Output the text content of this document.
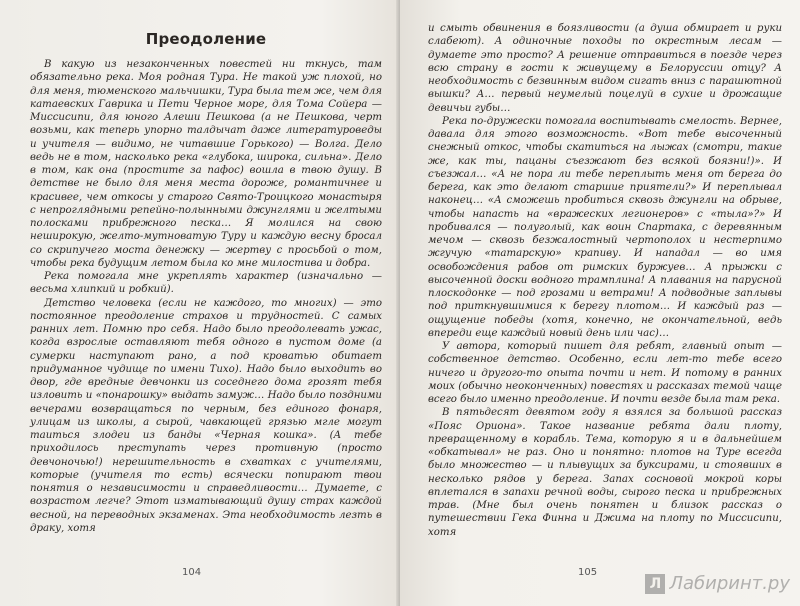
Преодоление

В какую из незаконченных повестей ни ткнусь, там обязательно река. Моя родная Тура. Не такой уж плохой, но для меня, тюменского мальчишки, Тура была тем же, чем для катаевских Гаврика и Пети Черное море, для Тома Сойера — Миссисипи, для юного Алеши Пешкова (а не Пешкова, черт возьми, как теперь упорно талдычат даже литературоведы и учителя — видимо, не читавшие Горького) — Волга. Дело ведь не в том, насколько река «глубока, широка, сильна». Дело в том, как она (простите за пафос) вошла в твою душу. В детстве не было для меня места дороже, романтичнее и красивее, чем откосы у старого Свято-Троицкого монастыря с непроглядными репейно-полынными джунглями и желтыми полосками прибрежного песка… Я молился на свою неширокую, желто-мутноватую Туру и каждую весну бросал со скрипучего моста денежку — жертву с просьбой о том, чтобы река будущим летом была ко мне милостива и добра.

Река помогала мне укреплять характер (изначально — весьма хлипкий и робкий).

Детство человека (если не каждого, то многих) — это постоянное преодоление страхов и трудностей. С самых ранних лет. Помню про себя. Надо было преодолевать ужас, когда взрослые оставляют тебя одного в пустом доме (а сумерки наступают рано, а под кроватью обитает придуманное чудище по имени Тихо). Надо было выходить во двор, где вредные девчонки из соседнего дома грозят тебя изловить и «понарошку» выдать замуж… Надо было поздними вечерами возвращаться по черным, без единого фонаря, улицам из школы, а сырой, чавкающей грязью мгле могут таиться злодеи из банды «Черная кошка». (А тебе приходилось преступать через противную (просто девчоночью!) нерешительность в схватках с учителями, которые (учителя то есть) всячески попирают твои понятия о независимости и справедливости… Думаете, с возрастом легче? Этот изматывающий душу страх каждой весной, на переводных экзаменах. Эта необходимость лезть в драку, хотя

104

и смыть обвинения в боязливости (а душа обмирает и руки слабеют). А одиночные походы по окрестным лесам — думаете это просто? А решение отправиться в поезде через всю страну в гости к живущему в Белоруссии отцу? А необходимость с безвинным видом сигать вниз с парашютной вышки? А… первый неумелый поцелуй в сухие и дрожащие девичьи губы…

Река по-дружески помогала воспитывать смелость. Вернее, давала для этого возможность. «Вот тебе высоченный снежный откос, чтобы скатиться на лыжах (смотри, такие же, как ты, пацаны съезжают без всякой боязни!)». И съезжал… «А не пора ли тебе переплыть меня от берега до берега, как это делают старшие приятели?» И переплывал наконец… «А сможешь пробиться сквозь джунгли на обрыве, чтобы напасть на «вражеских легионеров» с «тыла»?» И пробивался — полуголый, как воин Спартака, с деревянным мечом — сквозь безжалостный чертополох и нестерпимо жгучую «татарскую» крапиву. И нападал — во имя освобождения рабов от римских буржуев… А прыжки с высоченной доски водного трамплина! А плавания на парусной плоскодонке — под грозами и ветрами! А подводные заплывы под приткнувшимися к берегу плотом… И каждый раз — ощущение победы (хотя, конечно, не окончательной, ведь впереди еще каждый новый день или час)…

У автора, который пишет для ребят, главный опыт — собственное детство. Особенно, если лет-то тебе всего ничего и другого-то опыта почти и нет. И потому в ранних моих (обычно неоконченных) повестях и рассказах темой чаще всего было именно преодоление. И почти везде была там река.

В пятьдесят девятом году я взялся за большой рассказ «Пояс Ориона». Такое название ребята дали плоту, превращенному в корабль. Тема, которую я и в дальнейшем «обкатывал» не раз. Оно и понятно: плотов на Туре всегда было множество — и плывущих за буксирами, и стоявших в несколько рядов у берега. Запах сосновой мокрой коры вплетался в запахи речной воды, сырого песка и прибрежных трав. (Мне был очень понятен и близок рассказ о путешествии Гека Финна и Джима на плоту по Миссисипи, хотя

105
Л Лабиринт.ру
